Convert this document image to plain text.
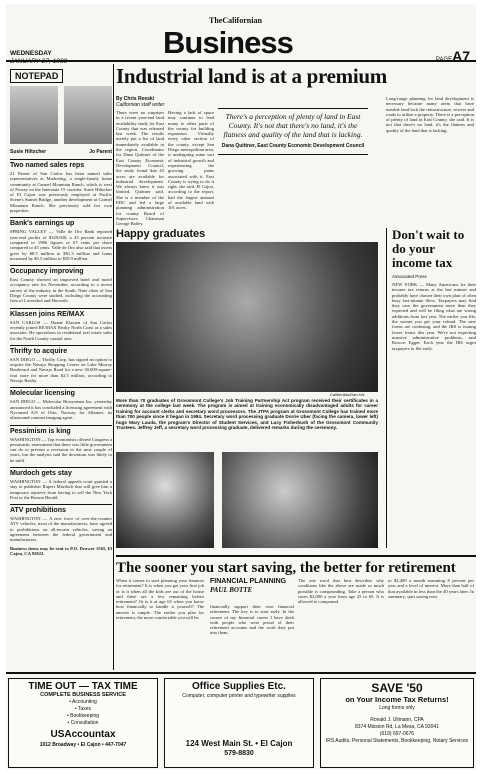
WEDNESDAY
JANUARY 27, 1988
TheCalifornian
Business	PAGEA7
NOTEPAD

Susie Hiltscher	Jo Parent
Two named sales reps
21 Parent of San Carlos has been named sales representatives at Marketing, a single-family home community at Carmel Mountain Ranch, which is west of Poway on the Interstate 15 corridor. Susie Hiltscher of El Cajon was previously employed at Pacific Scene's Sunset Bridge, another development at Carmel Mountain Ranch. She previously sold her own properties.
Bank's earnings up
SPRING VALLEY — Valle de Oro Bank reported year-end profits of $329,000, a 43 percent increase compared to 1986 figures or 67 cents per share compared to 45 cents. Valle de Oro also said that assets grew by $8.5 million to $81.3 million and loans increased by $5.5 million to $59.9 million.
Occupancy improving
East County showed an improved hotel and motel occupancy rate for November, according to a recent survey of the industry in the South. Nine cities of San Diego County were studied, including the accounting firm of Laventhol and Horwath.
Klassen joins RE/MAX
SAN CARLOS — Duane Klassen of San Carlos recently joined RE/MAX Realty North Coast as a sales associate. He specializes in residential real estate sales for the North County coastal area.
Thrifty to acquire
SAN DIEGO — Thrifty Corp. has signed an option to acquire the Navajo Shopping Center on Lake Murray Boulevard and Navajo Road for a new 30,000-square-foot store for more than $2.5 million, according to Navajo Realty.
Molecular licensing
SAN DIEGO — Molecular Biosystems Inc. yesterday announced it has concluded a licensing agreement with Nycomed A/S of Oslo, Norway, for Albunex, its ultrasound contrast imaging agent.
Pessimism is king
WASHINGTON — Top economists offered Congress a pessimistic assessment that there was little government can do to prevent a recession in the next couple of years, but the analysts said the downturn was likely to be mild.
Murdoch gets stay
WASHINGTON — A federal appeals court granted a stay to publisher Rupert Murdoch that will give him a temporary reprieve from having to sell the New York Post or the Boston Herald.
ATV prohibitions
WASHINGTON — A new force of over-the-counter ATV vehicles, most of the manufacturers, have agreed to prohibitions on all-terrain vehicles, saving an agreement between the federal government and manufacturers.
Business items may be sent to P.O. Drawer 1565, El Cajon, CA 92022.
Industrial land is at a premium
By Chris Reeski
Californian staff writer
There were no surprises in a recent year-end land availability study for East County that was released last week. The results merely put a list of land immediately available in the region. Coordinator for Dana Quittner of the East County Economic Development Council, the study found that 43 acres are available for industrial development. We always knew it was limited, Quittner said. She is a member of the EDC and led a large planning administration for county Board of Supervisors Chairman George Bailey.
Having a lack of space may continue to lead many to other parts of the county for building expansion. Virtually every other section of the county, except San Diego metropolitan area, is undergoing some sort of industrial growth and experiencing the growing pains associated with it. East County is trying to do it right, she said. El Cajon, according to the report, had the largest amount of available land with 101 acres.
There's a perception of plenty of land in East County. It's not that there's no land, it's the flatness and quality of the land that is lacking.
Dana Quittner, East County Economic Development Council
Long-range planning for land development is necessary because many areas that have useable land lack the infrastructure, sewers and roads to utilize a property. There is a perception of plenty of land in East County, she said. It is not that there's no land, it's the flatness and quality of the land that is lacking.
Happy graduates
Californian/Dan Hix
More than 70 graduates of Grossmont College's Job Training Partnership Act program received their certificates in a ceremony at the college last week. The program is aimed at training economically disadvantaged adults for career training for account clerks and secretary word processors. The JTPA program at Grossmont College has trained more than 700 people since it began in 1984. Secretary word processing graduate Dorrie Uber (facing the camera, lower left) hugs Mary Lauda, the program's Director of Student Services, and Lucy Fisherbush of the Grossmont Community Trustees. Jeffrey Jeff, a secretary word processing graduate, delivered remarks during the ceremony.
Don't wait to do your income tax
Associated Press
NEW YORK — Many Americans fix their income tax returns at the last minute and probably have chosen their own plan of often busy last-minute filers. Taxpayers may find they owe the government more than they expected and will be filing what are wrong additions from last year. The earlier you file, the sooner you get your refund. The new forms are confusing, and the IRS is issuing fewer forms this year. We're not expecting massive administrative problems, said Roscoe Egger. Each year the IRS urges taxpayers to file early.
The sooner you start saving, the better for retirement
When it comes to start planning your finances for retirement? It is when you get your first job or is it when all the kids are out of the house and there are a few remaining before retirement? Or is it at age 65 when you know how financially to handle it yourself? The answer is simple. The earlier you plan for retirement, the more comfortable you will be.
FINANCIAL PLANNING
PAUL BOTTE
financially support their own financial retirement. The key is to start early. In the course of my financial career I have dealt with people who were proud of their retirement accounts and the work they put into them.
The one word that best describes why conditions like the above are made so much possible is compounding. Take a person who saves $2,000 a year from age 25 to 65. It is allowed to compound.
to $2,400 a month assuming 8 percent per year and a level of interest. More than half of that available in less than the 40 years later. In summary, start saving now.
TIME OUT — TAX TIME
COMPLETE BUSINESS SERVICE
• Accounting
• Taxes
• Bookkeeping
• Consultation
USAccountax
1012 Broadway • El Cajon • 447-7047
Office Supplies Etc.
Computer, computer printer and typewriter supplies
124 West Main St. • El Cajon
579-8830
SAVE '50
on Your Income Tax Returns!
Long forms only
Ronald J. Ullmann, CPA
8374 Mission Rd, La Mesa, CA 92041
(619) 697-0676
IRS Audits, Personal Statements, Bookkeeping, Notary Services
